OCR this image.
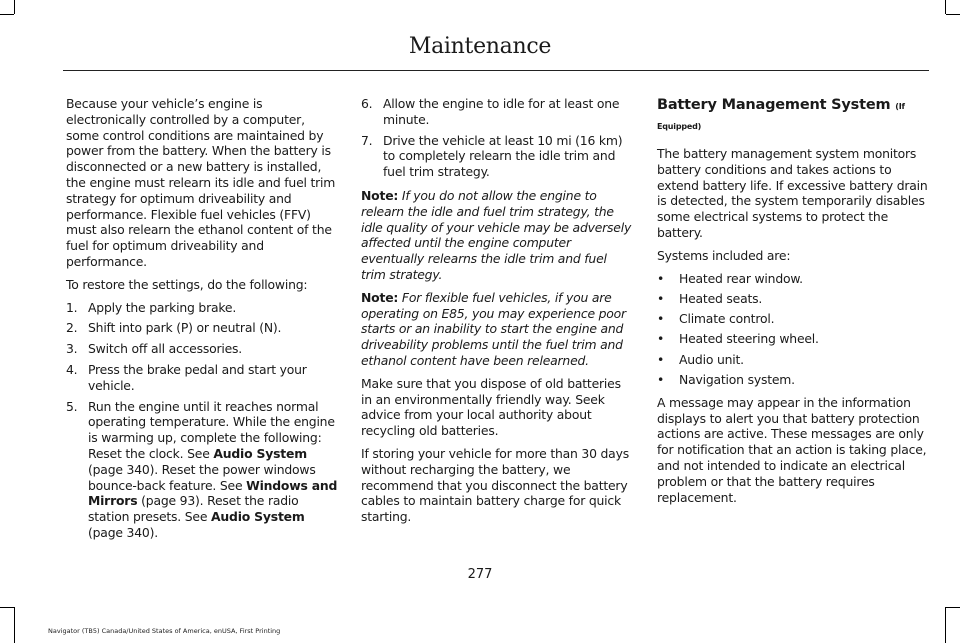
Maintenance

Because your vehicle’s engine is electronically controlled by a computer, some control conditions are maintained by power from the battery. When the battery is disconnected or a new battery is installed, the engine must relearn its idle and fuel trim strategy for optimum driveability and performance. Flexible fuel vehicles (FFV) must also relearn the ethanol content of the fuel for optimum driveability and performance.

To restore the settings, do the following:

1. Apply the parking brake.
2. Shift into park (P) or neutral (N).
3. Switch off all accessories.
4. Press the brake pedal and start your vehicle.
5. Run the engine until it reaches normal operating temperature. While the engine is warming up, complete the following: Reset the clock. See Audio System (page 340). Reset the power windows bounce-back feature. See Windows and Mirrors (page 93). Reset the radio station presets. See Audio System (page 340).
6. Allow the engine to idle for at least one minute.
7. Drive the vehicle at least 10 mi (16 km) to completely relearn the idle trim and fuel trim strategy.

Note: If you do not allow the engine to relearn the idle and fuel trim strategy, the idle quality of your vehicle may be adversely affected until the engine computer eventually relearns the idle trim and fuel trim strategy.

Note: For flexible fuel vehicles, if you are operating on E85, you may experience poor starts or an inability to start the engine and driveability problems until the fuel trim and ethanol content have been relearned.

Make sure that you dispose of old batteries in an environmentally friendly way. Seek advice from your local authority about recycling old batteries.

If storing your vehicle for more than 30 days without recharging the battery, we recommend that you disconnect the battery cables to maintain battery charge for quick starting.

Battery Management System (If Equipped)

The battery management system monitors battery conditions and takes actions to extend battery life. If excessive battery drain is detected, the system temporarily disables some electrical systems to protect the battery.

Systems included are:

•	Heated rear window.
•	Heated seats.
•	Climate control.
•	Heated steering wheel.
•	Audio unit.
•	Navigation system.

A message may appear in the information displays to alert you that battery protection actions are active. These messages are only for notification that an action is taking place, and not intended to indicate an electrical problem or that the battery requires replacement.

277
Navigator (TB5) Canada/United States of America, enUSA, First Printing
